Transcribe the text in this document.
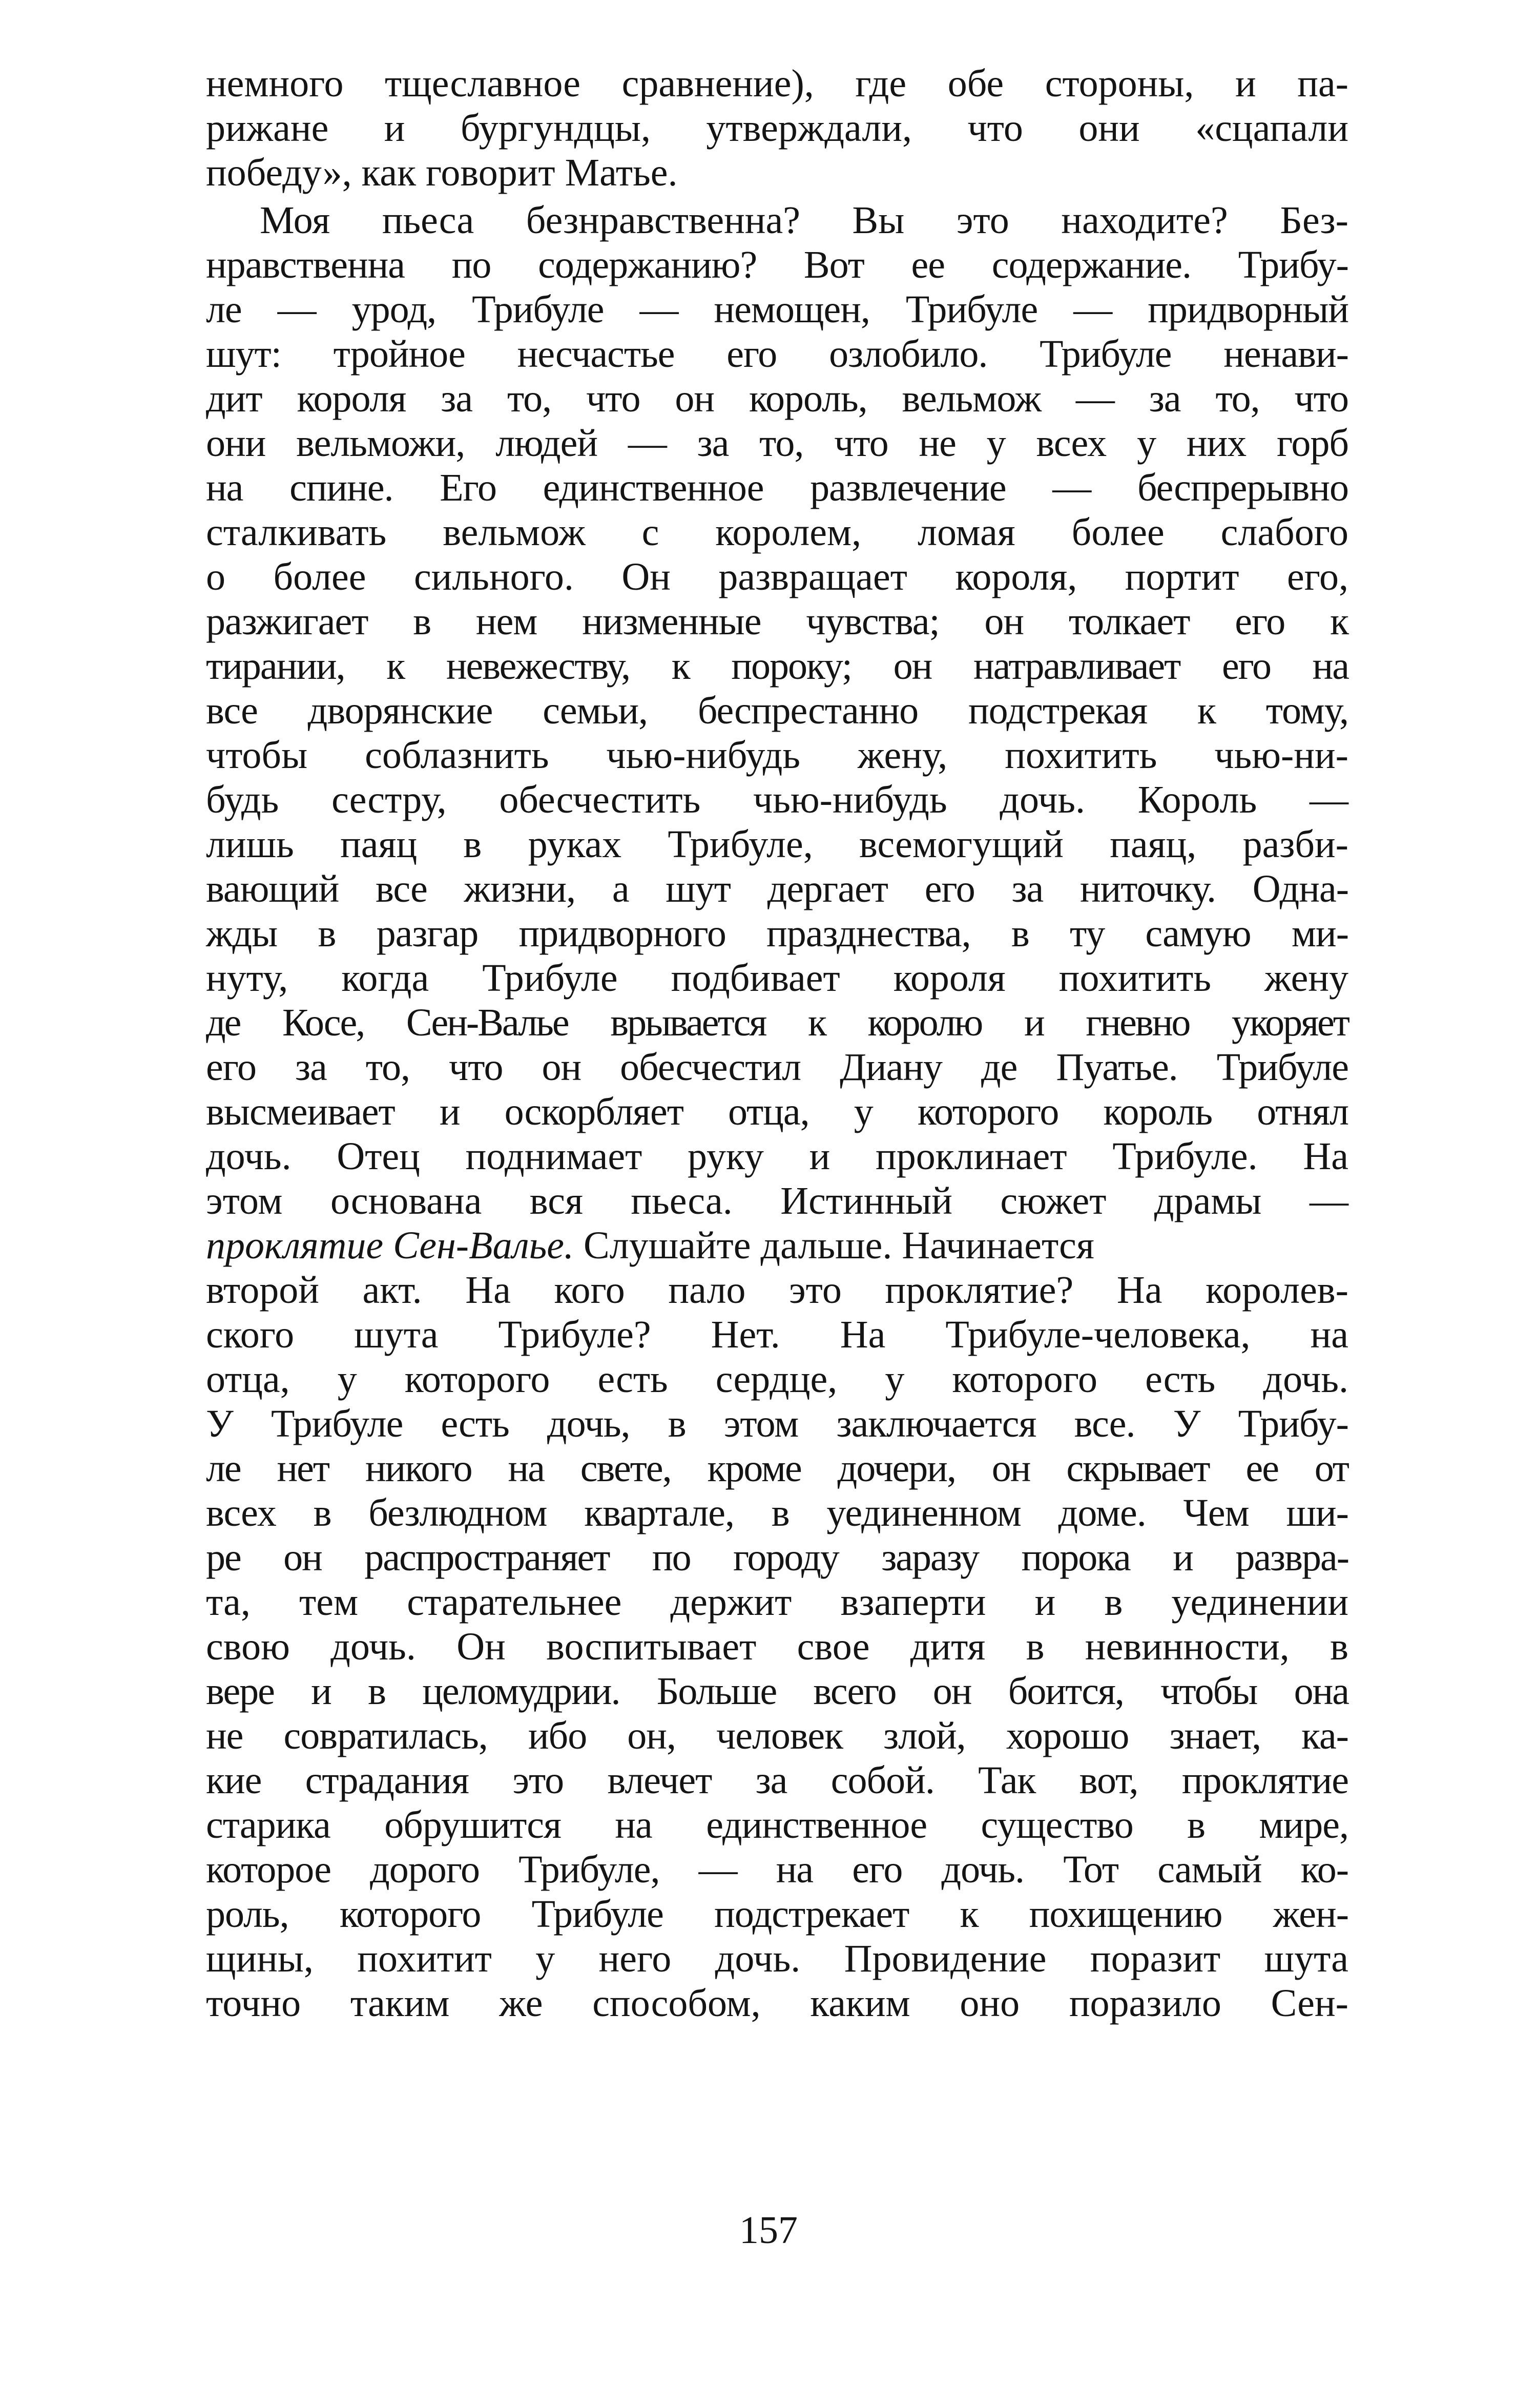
немного тщеславное сравнение), где обе стороны, и па-
рижане и бургундцы, утверждали, что они «сцапали
победу», как говорит Матье.
Моя пьеса безнравственна? Вы это находите? Без-
нравственна по содержанию? Вот ее содержание. Трибу-
ле — урод, Трибуле — немощен, Трибуле — придворный
шут: тройное несчастье его озлобило. Трибуле ненави-
дит короля за то, что он король, вельмож — за то, что
они вельможи, людей — за то, что не у всех у них горб
на спине. Его единственное развлечение — беспрерывно
сталкивать вельмож с королем, ломая более слабого
о более сильного. Он развращает короля, портит его,
разжигает в нем низменные чувства; он толкает его к
тирании, к невежеству, к пороку; он натравливает его на
все дворянские семьи, беспрестанно подстрекая к тому,
чтобы соблазнить чью-нибудь жену, похитить чью-ни-
будь сестру, обесчестить чью-нибудь дочь. Король —
лишь паяц в руках Трибуле, всемогущий паяц, разби-
вающий все жизни, а шут дергает его за ниточку. Одна-
жды в разгар придворного празднества, в ту самую ми-
нуту, когда Трибуле подбивает короля похитить жену
де Косе, Сен-Валье врывается к королю и гневно укоряет
его за то, что он обесчестил Диану де Пуатье. Трибуле
высмеивает и оскорбляет отца, у которого король отнял
дочь. Отец поднимает руку и проклинает Трибуле. На
этом основана вся пьеса. Истинный сюжет драмы —
проклятие Сен-Валье. Слушайте дальше. Начинается
второй акт. На кого пало это проклятие? На королев-
ского шута Трибуле? Нет. На Трибуле-человека, на
отца, у которого есть сердце, у которого есть дочь.
У Трибуле есть дочь, в этом заключается все. У Трибу-
ле нет никого на свете, кроме дочери, он скрывает ее от
всех в безлюдном квартале, в уединенном доме. Чем ши-
ре он распространяет по городу заразу порока и развра-
та, тем старательнее держит взаперти и в уединении
свою дочь. Он воспитывает свое дитя в невинности, в
вере и в целомудрии. Больше всего он боится, чтобы она
не совратилась, ибо он, человек злой, хорошо знает, ка-
кие страдания это влечет за собой. Так вот, проклятие
старика обрушится на единственное существо в мире,
которое дорого Трибуле, — на его дочь. Тот самый ко-
роль, которого Трибуле подстрекает к похищению жен-
щины, похитит у него дочь. Провидение поразит шута
точно таким же способом, каким оно поразило Сен-
157
